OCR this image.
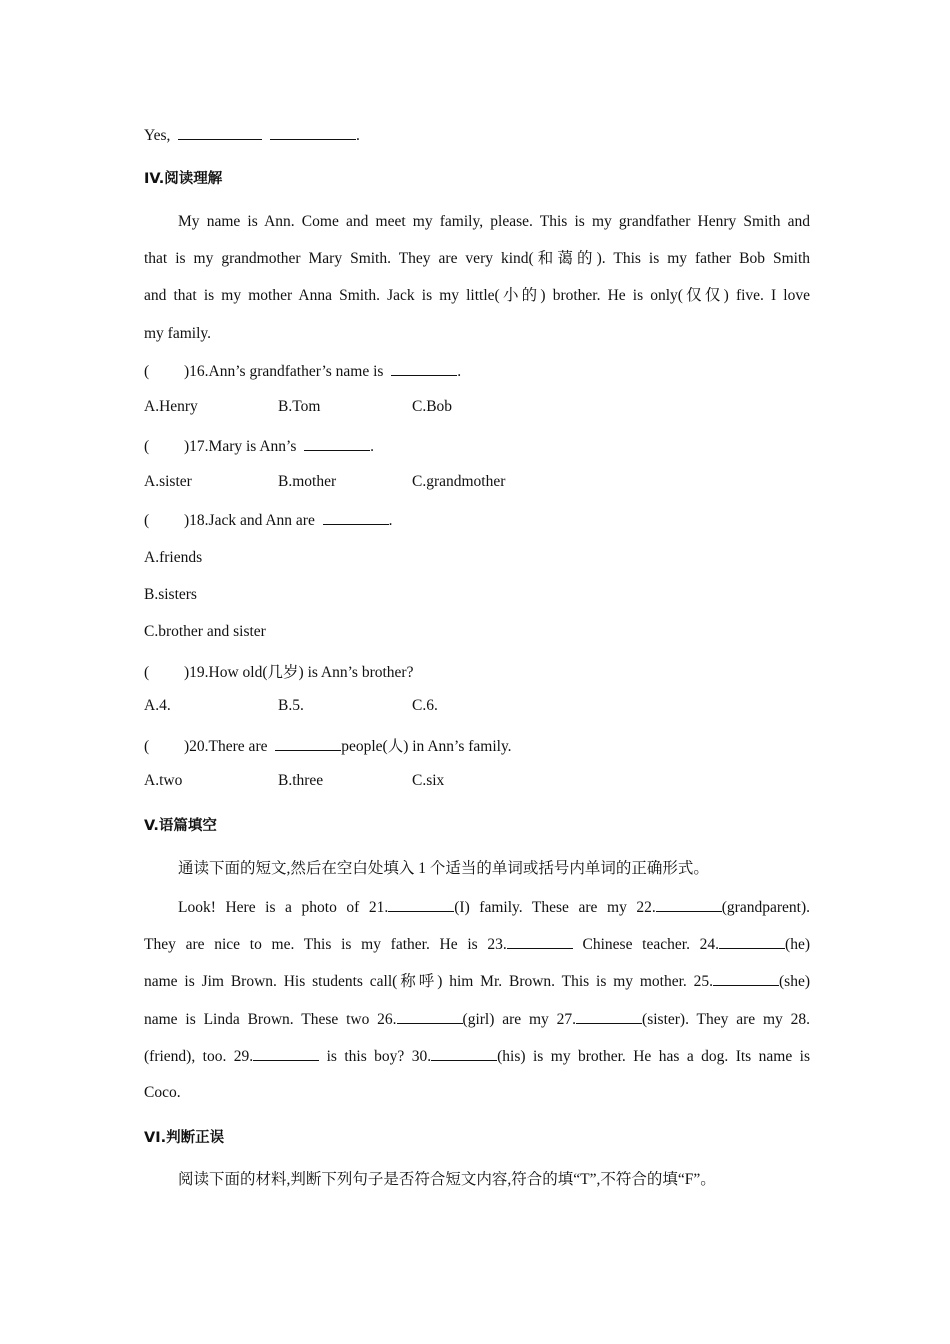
Yes,	.
IV.阅读理解
My name is Ann. Come and meet my family, please. This is my grandfather Henry Smith and
that is my grandmother Mary Smith. They are very kind(和蔼的). This is my father Bob Smith
and that is my mother Anna Smith. Jack is my little(小的) brother. He is only(仅仅) five. I love
my family.
( )16.Ann’s grandfather’s name is	.
A.Henry	B.Tom	C.Bob
( )17.Mary is Ann’s	.
A.sister	B.mother	C.grandmother
( )18.Jack and Ann are	.
A.friends
B.sisters
C.brother and sister
( )19.How old(几岁) is Ann’s brother?
A.4.	B.5.	C.6.
( )20.There are	people(人) in Ann’s family.
A.two	B.three	C.six
V.语篇填空
通读下面的短文,然后在空白处填入 1 个适当的单词或括号内单词的正确形式。
Look! Here is a photo of 21.	(I) family. These are my 22.	(grandparent).
They are nice to me. This is my father. He is 23.	Chinese teacher. 24.	(he)
name is Jim Brown. His students call(称呼) him Mr. Brown. This is my mother. 25.	(she)
name is Linda Brown. These two 26.	(girl) are my 27.	(sister). They are my 28.
(friend), too. 29.	is this boy? 30.	(his) is my brother. He has a dog. Its name is
Coco.
VI.判断正误
阅读下面的材料,判断下列句子是否符合短文内容,符合的填“T”,不符合的填“F”。
